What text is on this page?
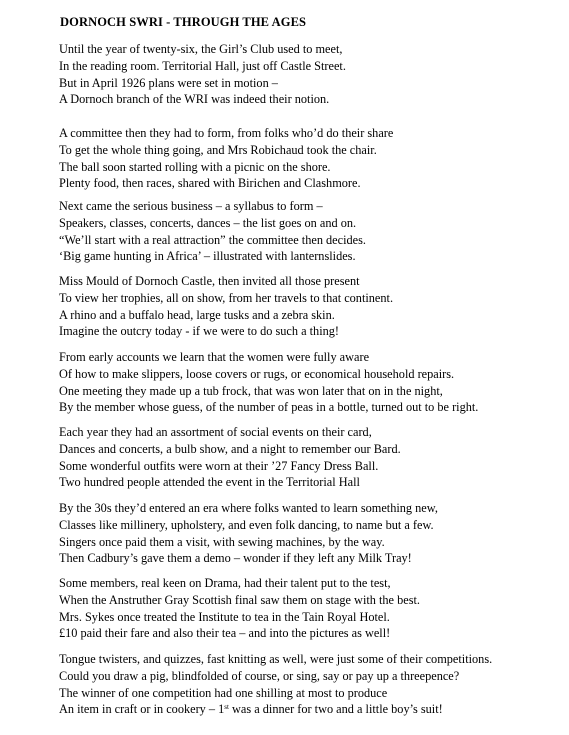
DORNOCH SWRI - THROUGH THE AGES
Until the year of twenty-six, the Girl’s Club used to meet,
In the reading room. Territorial Hall, just off Castle Street.
But in April 1926 plans were set in motion –
A Dornoch branch of the WRI was indeed their notion.
A committee then they had to form, from folks who’d do their share
To get the whole thing going, and Mrs Robichaud took the chair.
The ball soon started rolling with a picnic on the shore.
Plenty food, then races, shared with Birichen and Clashmore.
Next came the serious business – a syllabus to form –
Speakers, classes, concerts, dances – the list goes on and on.
“We’ll start with a real attraction” the committee then decides.
‘Big game hunting in Africa’ – illustrated with lanternslides.
Miss Mould of Dornoch Castle, then invited all those present
To view her trophies, all on show, from her travels to that continent.
A rhino and a buffalo head, large tusks and a zebra skin.
Imagine the outcry today - if we were to do such a thing!
From early accounts we learn that the women were fully aware
Of how to make slippers, loose covers or rugs, or economical household repairs.
One meeting they made up a tub frock, that was won later that on in the night,
By the member whose guess, of the number of peas in a bottle, turned out to be right.
Each year they had an assortment of social events on their card,
Dances and concerts, a bulb show, and a night to remember our Bard.
Some wonderful outfits were worn at their ’27 Fancy Dress Ball.
Two hundred people attended the event in the Territorial Hall
By the 30s they’d entered an era where folks wanted to learn something new,
Classes like millinery, upholstery, and even folk dancing, to name but a few.
Singers once paid them a visit, with sewing machines, by the way.
Then Cadbury’s gave them a demo – wonder if they left any Milk Tray!
Some members, real keen on Drama, had their talent put to the test,
When the Anstruther Gray Scottish final saw them on stage with the best.
Mrs. Sykes once treated the Institute to tea in the Tain Royal Hotel.
£10 paid their fare and also their tea – and into the pictures as well!
Tongue twisters, and quizzes, fast knitting as well, were just some of their competitions.
Could you draw a pig, blindfolded of course, or sing, say or pay up a threepence?
The winner of one competition had one shilling at most to produce
An item in craft or in cookery – 1st was a dinner for two and a little boy’s suit!
